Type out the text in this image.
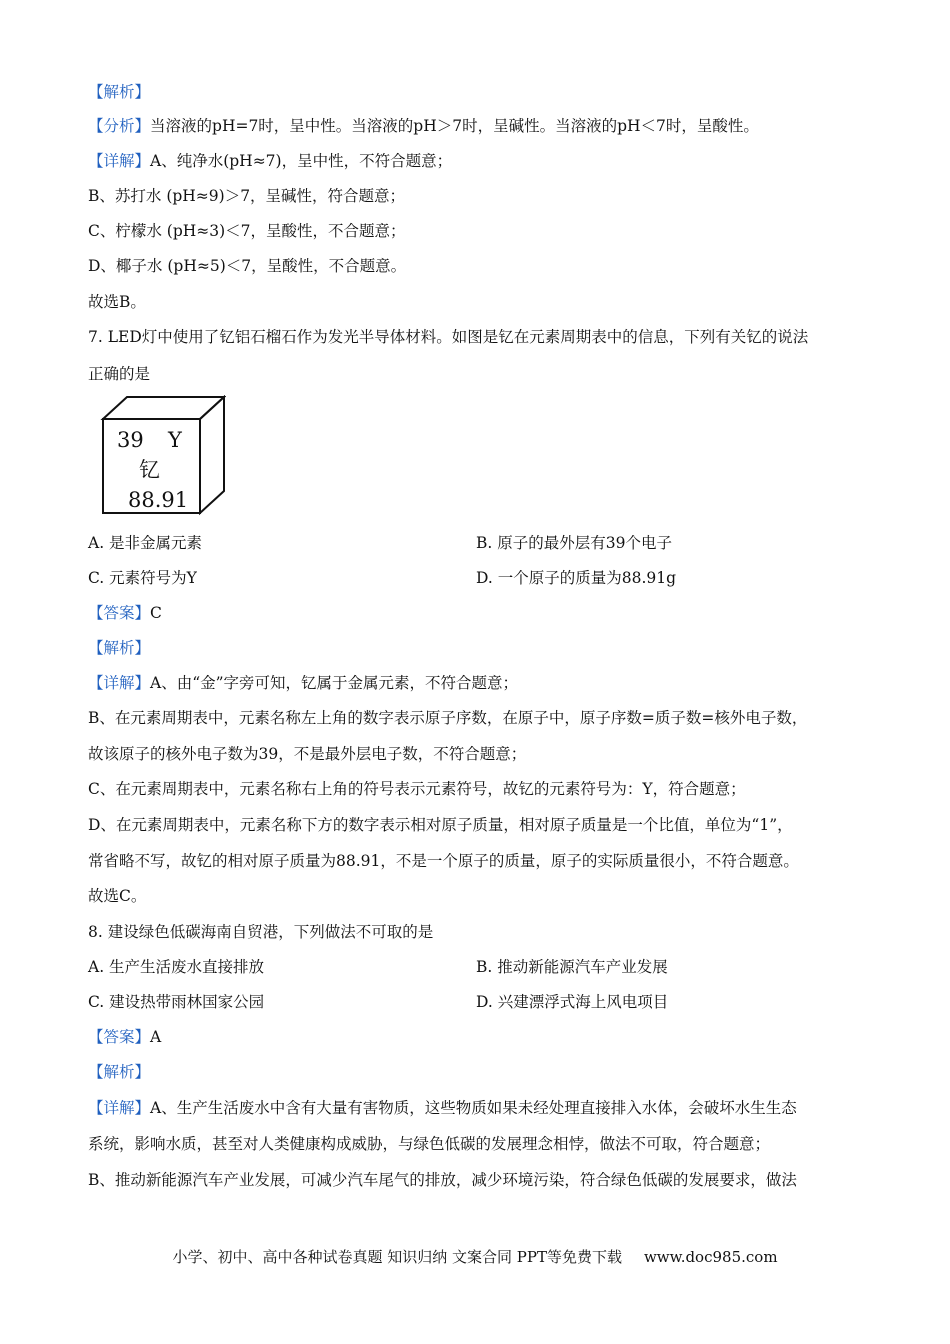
【解析】
【分析】当溶液的pH=7时，呈中性。当溶液的pH＞7时，呈碱性。当溶液的pH＜7时，呈酸性。
【详解】A、纯净水(pH≈7)，呈中性，不符合题意；
B、苏打水 (pH≈9)＞7，呈碱性，符合题意；
C、柠檬水 (pH≈3)＜7，呈酸性，不合题意；
D、椰子水 (pH≈5)＜7，呈酸性，不合题意。
故选B。
7. LED灯中使用了钇铝石榴石作为发光半导体材料。如图是钇在元素周期表中的信息，下列有关钇的说法
正确的是
39 Y
钇
88.91
A. 是非金属元素	B. 原子的最外层有39个电子
C. 元素符号为Y	D. 一个原子的质量为88.91g
【答案】C
【解析】
【详解】A、由“金”字旁可知，钇属于金属元素，不符合题意；
B、在元素周期表中，元素名称左上角的数字表示原子序数，在原子中，原子序数=质子数=核外电子数，
故该原子的核外电子数为39，不是最外层电子数，不符合题意；
C、在元素周期表中，元素名称右上角的符号表示元素符号，故钇的元素符号为：Y，符合题意；
D、在元素周期表中，元素名称下方的数字表示相对原子质量，相对原子质量是一个比值，单位为“1”，
常省略不写，故钇的相对原子质量为88.91，不是一个原子的质量，原子的实际质量很小，不符合题意。
故选C。
8. 建设绿色低碳海南自贸港，下列做法不可取的是
A. 生产生活废水直接排放	B. 推动新能源汽车产业发展
C. 建设热带雨林国家公园	D. 兴建漂浮式海上风电项目
【答案】A
【解析】
【详解】A、生产生活废水中含有大量有害物质，这些物质如果未经处理直接排入水体，会破坏水生生态
系统，影响水质，甚至对人类健康构成威胁，与绿色低碳的发展理念相悖，做法不可取，符合题意；
B、推动新能源汽车产业发展，可减少汽车尾气的排放，减少环境污染，符合绿色低碳的发展要求，做法
小学、初中、高中各种试卷真题 知识归纳 文案合同 PPT等免费下载 www.doc985.com
